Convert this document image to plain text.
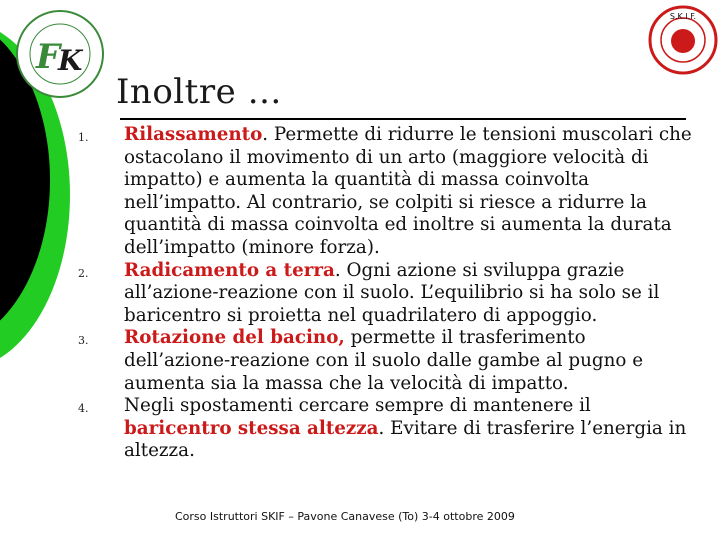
F
K
S.K.I.F.
Inoltre …
1.	Rilassamento. Permette di ridurre le tensioni muscolari che ostacolano il movimento di un arto (maggiore velocità di impatto) e aumenta la quantità di massa coinvolta nell’impatto. Al contrario, se colpiti si riesce a ridurre la quantità di massa coinvolta ed inoltre si aumenta la durata dell’impatto (minore forza).
2.	Radicamento a terra. Ogni azione si sviluppa grazie all’azione-reazione con il suolo. L’equilibrio si ha solo se il baricentro si proietta nel quadrilatero di appoggio.
3.	Rotazione del bacino, permette il trasferimento dell’azione-reazione con il suolo dalle gambe al pugno e aumenta sia la massa che la velocità di impatto.
4.	Negli spostamenti cercare sempre di mantenere il baricentro stessa altezza. Evitare di trasferire l’energia in altezza.
Corso Istruttori SKIF – Pavone Canavese (To) 3-4 ottobre 2009
